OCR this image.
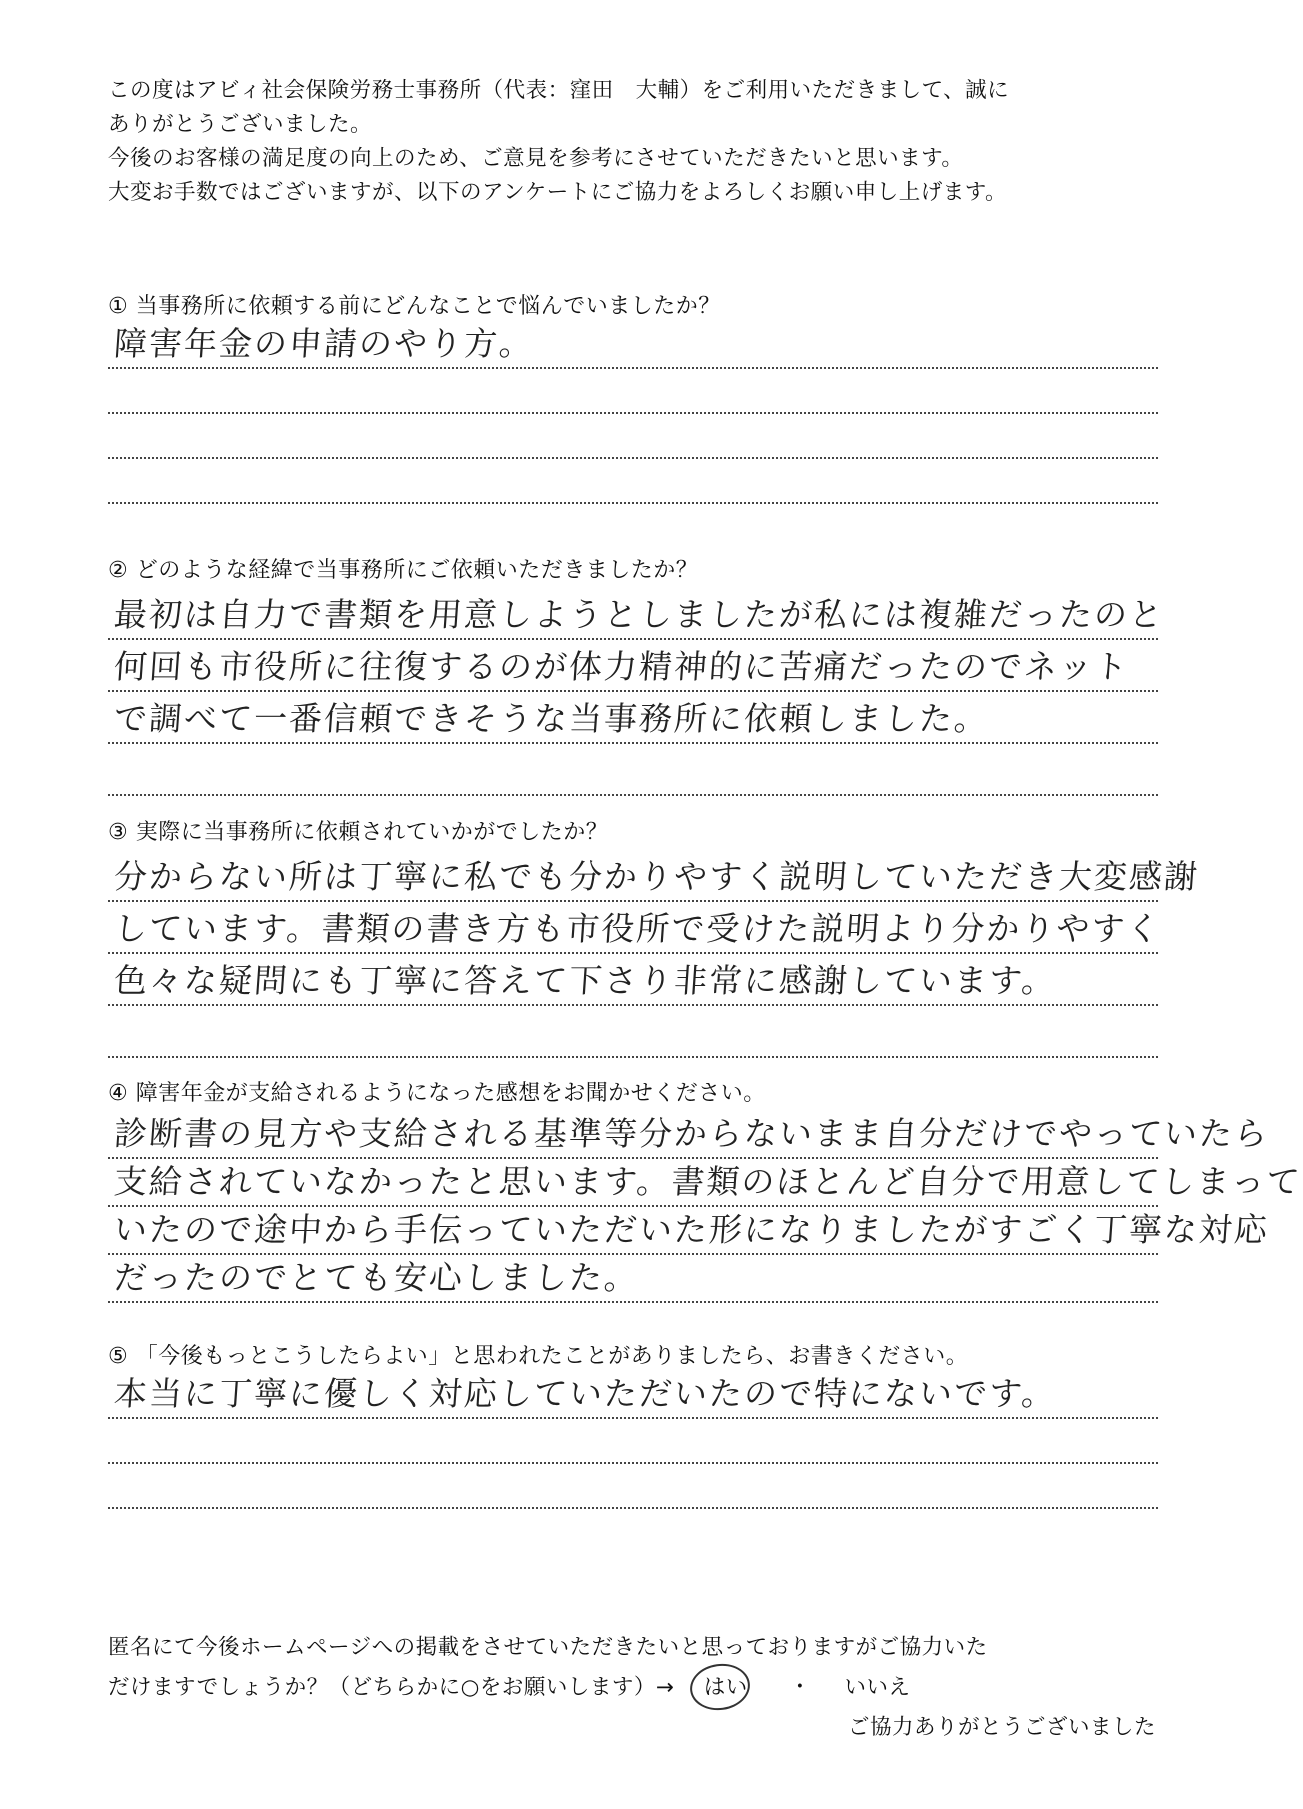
この度はアビィ社会保険労務士事務所（代表：窪田　大輔）をご利用いただきまして、誠に
ありがとうございました。
今後のお客様の満足度の向上のため、ご意見を参考にさせていただきたいと思います。
大変お手数ではございますが、以下のアンケートにご協力をよろしくお願い申し上げます。
① 当事務所に依頼する前にどんなことで悩んでいましたか？
障害年金の申請のやり方。
② どのような経緯で当事務所にご依頼いただきましたか？
最初は自力で書類を用意しようとしましたが私には複雑だったのと
何回も市役所に往復するのが体力精神的に苦痛だったのでネット
で調べて一番信頼できそうな当事務所に依頼しました。
③ 実際に当事務所に依頼されていかがでしたか？
分からない所は丁寧に私でも分かりやすく説明していただき大変感謝
しています。書類の書き方も市役所で受けた説明より分かりやすく
色々な疑問にも丁寧に答えて下さり非常に感謝しています。
④ 障害年金が支給されるようになった感想をお聞かせください。
診断書の見方や支給される基準等分からないまま自分だけでやっていたら
支給されていなかったと思います。書類のほとんど自分で用意してしまって
いたので途中から手伝っていただいた形になりましたがすごく丁寧な対応
だったのでとても安心しました。
⑤ 「今後もっとこうしたらよい」と思われたことがありましたら、お書きください。
本当に丁寧に優しく対応していただいたので特にないです。
匿名にて今後ホームページへの掲載をさせていただきたいと思っておりますがご協力いた
だけますでしょうか？（どちらかに○をお願いします）→ はい ・ いいえ
ご協力ありがとうございました
